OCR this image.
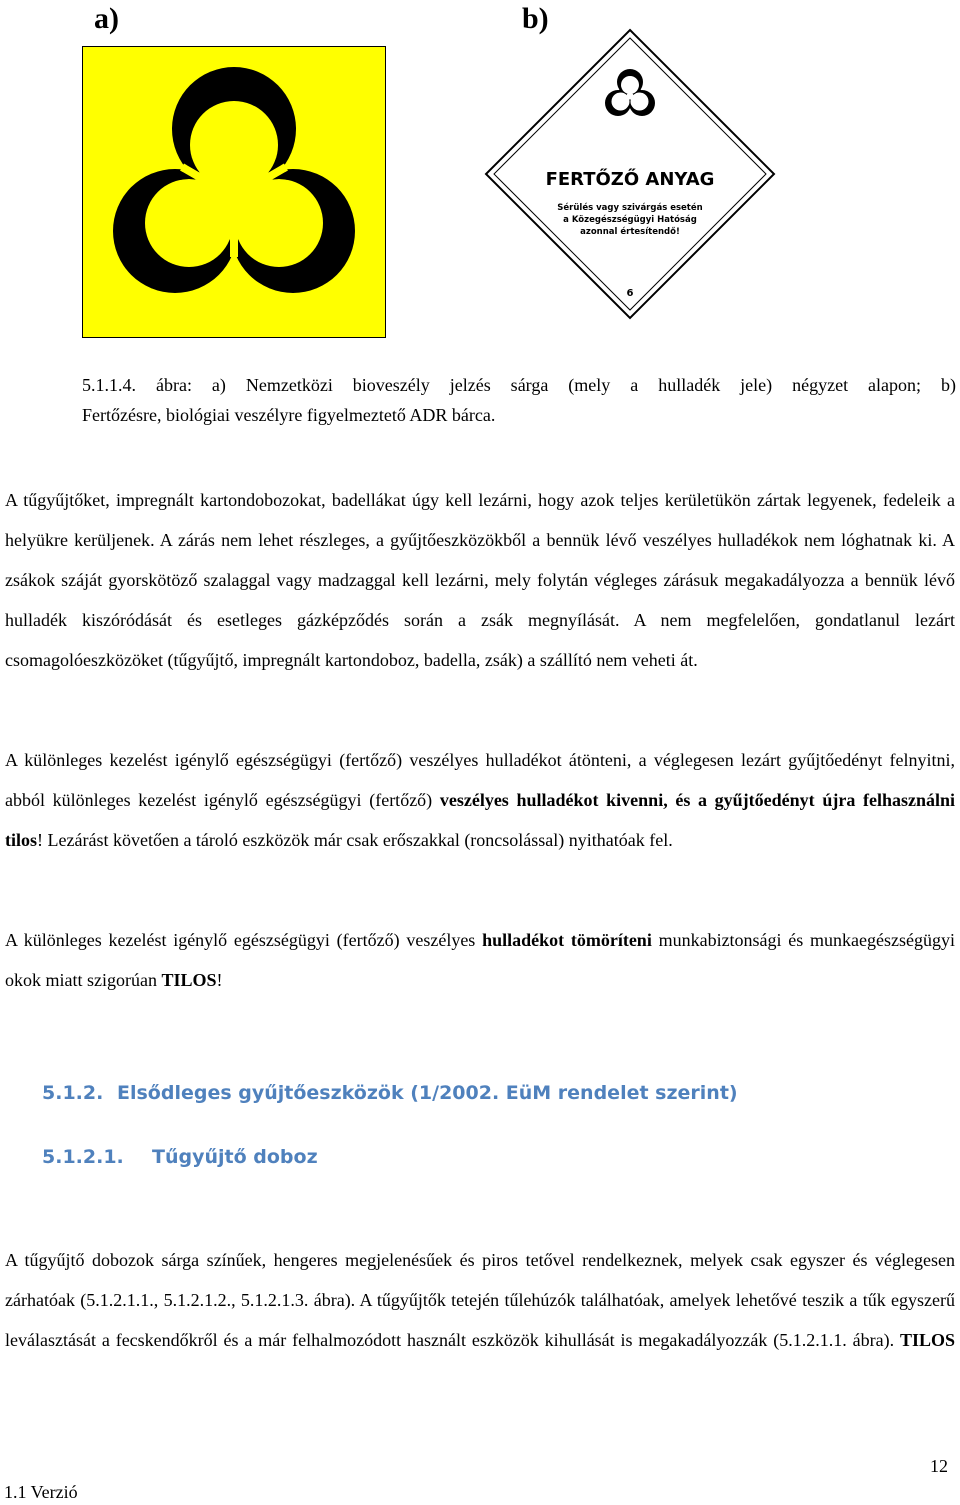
a)	b)
FERTŐZŐ ANYAG
Sérülés vagy szivárgás esetén
a Közegészségügyi Hatóság
azonnal értesítendő!
6
5.1.1.4. ábra: a) Nemzetközi bioveszély jelzés sárga (mely a hulladék jele) négyzet alapon; b)
Fertőzésre, biológiai veszélyre figyelmeztető ADR bárca.

A tűgyűjtőket, impregnált kartondobozokat, badellákat úgy kell lezárni, hogy azok teljes kerületükön zártak legyenek, fedeleik a helyükre kerüljenek. A zárás nem lehet részleges, a gyűjtőeszközökből a bennük lévő veszélyes hulladékok nem lóghatnak ki. A zsákok száját gyorskötöző szalaggal vagy madzaggal kell lezárni, mely folytán végleges zárásuk megakadályozza a bennük lévő hulladék kiszóródását és esetleges gázképződés során a zsák megnyílását. A nem megfelelően, gondatlanul lezárt csomagolóeszközöket (tűgyűjtő, impregnált kartondoboz, badella, zsák) a szállító nem veheti át.

A különleges kezelést igénylő egészségügyi (fertőző) veszélyes hulladékot átönteni, a véglegesen lezárt gyűjtőedényt felnyitni, abból különleges kezelést igénylő egészségügyi (fertőző) veszélyes hulladékot kivenni, és a gyűjtőedényt újra felhasználni tilos! Lezárást követően a tároló eszközök már csak erőszakkal (roncsolással) nyithatóak fel.

A különleges kezelést igénylő egészségügyi (fertőző) veszélyes hulladékot tömöríteni munkabiztonsági és munkaegészségügyi okok miatt szigorúan TILOS!

5.1.2. Elsődleges gyűjtőeszközök (1/2002. EüM rendelet szerint)
5.1.2.1. Tűgyűjtő doboz

A tűgyűjtő dobozok sárga színűek, hengeres megjelenésűek és piros tetővel rendelkeznek, melyek csak egyszer és véglegesen zárhatóak (5.1.2.1.1., 5.1.2.1.2., 5.1.2.1.3. ábra). A tűgyűjtők tetején tűlehúzók találhatóak, amelyek lehetővé teszik a tűk egyszerű leválasztását a fecskendőkről és a már felhalmozódott használt eszközök kihullását is megakadályozzák (5.1.2.1.1. ábra). TILOS

1.1 Verzió
12
